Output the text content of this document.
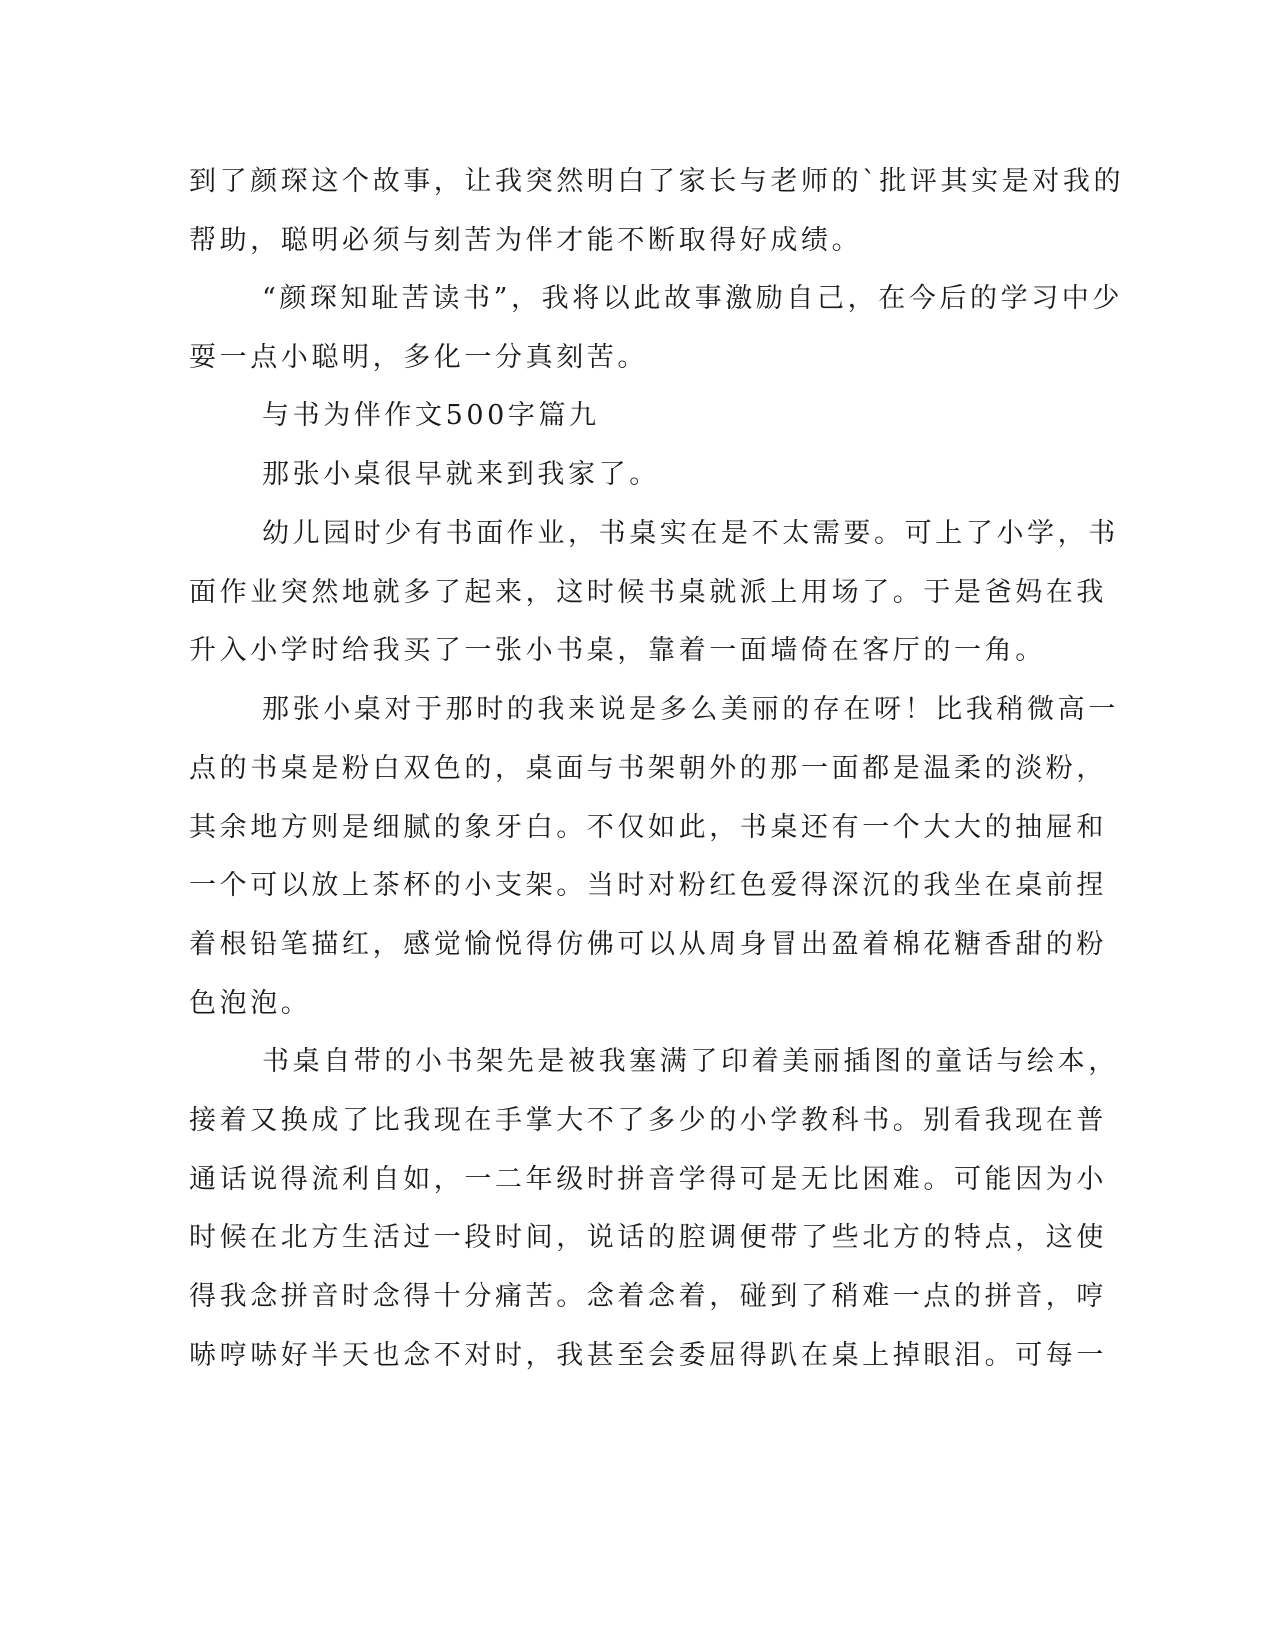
到了颜琛这个故事，让我突然明白了家长与老师的`批评其实是对我的
帮助，聪明必须与刻苦为伴才能不断取得好成绩。
“颜琛知耻苦读书”，我将以此故事激励自己，在今后的学习中少
耍一点小聪明，多化一分真刻苦。
与书为伴作文500字篇九
那张小桌很早就来到我家了。
幼儿园时少有书面作业，书桌实在是不太需要。可上了小学，书
面作业突然地就多了起来，这时候书桌就派上用场了。于是爸妈在我
升入小学时给我买了一张小书桌，靠着一面墙倚在客厅的一角。
那张小桌对于那时的我来说是多么美丽的存在呀！比我稍微高一
点的书桌是粉白双色的，桌面与书架朝外的那一面都是温柔的淡粉，
其余地方则是细腻的象牙白。不仅如此，书桌还有一个大大的抽屉和
一个可以放上茶杯的小支架。当时对粉红色爱得深沉的我坐在桌前捏
着根铅笔描红，感觉愉悦得仿佛可以从周身冒出盈着棉花糖香甜的粉
色泡泡。
书桌自带的小书架先是被我塞满了印着美丽插图的童话与绘本，
接着又换成了比我现在手掌大不了多少的小学教科书。别看我现在普
通话说得流利自如，一二年级时拼音学得可是无比困难。可能因为小
时候在北方生活过一段时间，说话的腔调便带了些北方的特点，这使
得我念拼音时念得十分痛苦。念着念着，碰到了稍难一点的拼音，哼
哧哼哧好半天也念不对时，我甚至会委屈得趴在桌上掉眼泪。可每一
